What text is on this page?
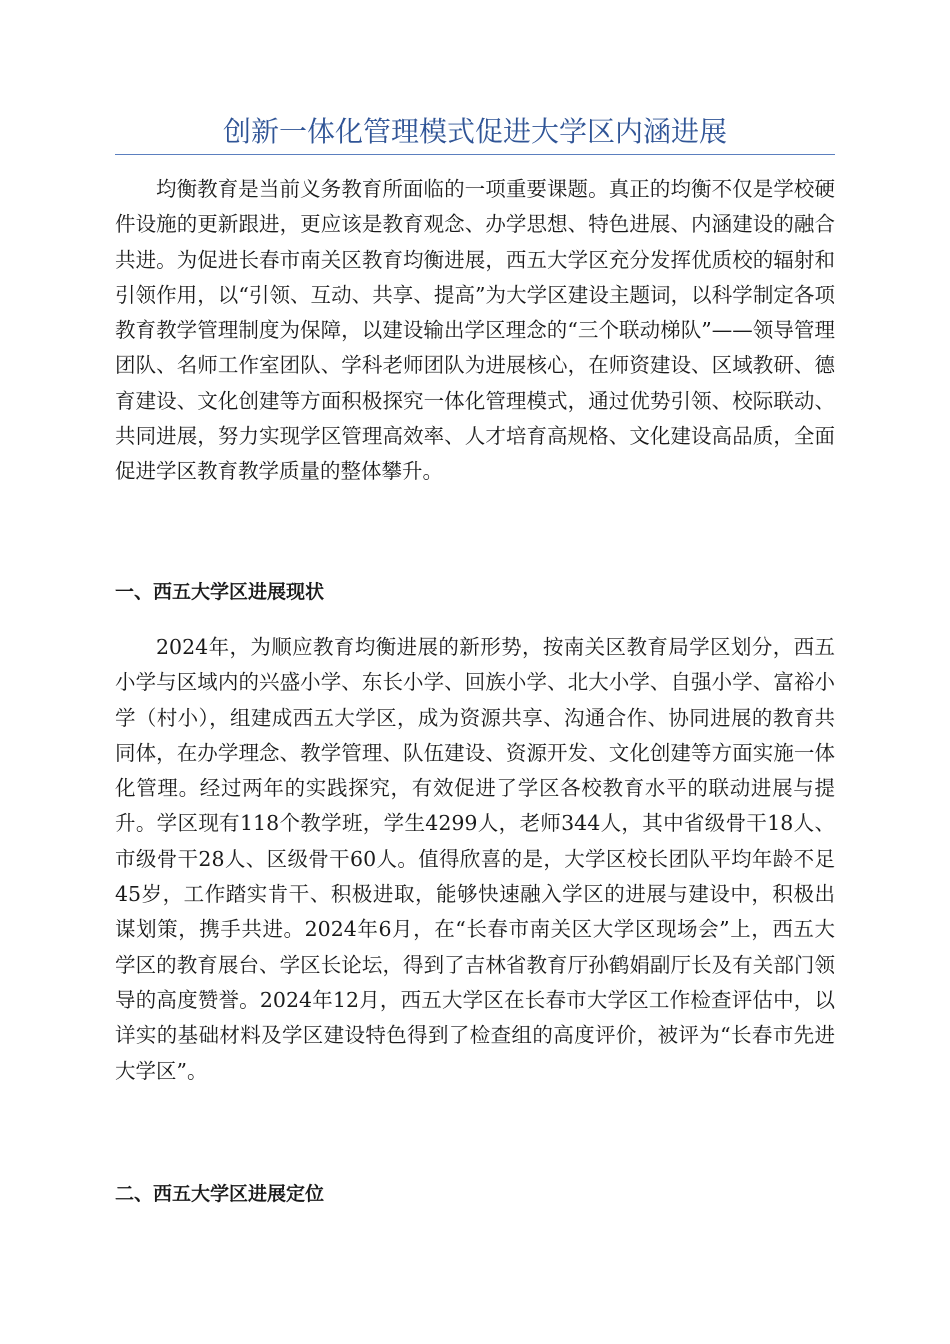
创新一体化管理模式促进大学区内涵进展

均衡教育是当前义务教育所面临的一项重要课题。真正的均衡不仅是学校硬件设施的更新跟进，更应该是教育观念、办学思想、特色进展、内涵建设的融合共进。为促进长春市南关区教育均衡进展，西五大学区充分发挥优质校的辐射和引领作用，以“引领、互动、共享、提高”为大学区建设主题词，以科学制定各项教育教学管理制度为保障，以建设输出学区理念的“三个联动梯队”——领导管理团队、名师工作室团队、学科老师团队为进展核心，在师资建设、区域教研、德育建设、文化创建等方面积极探究一体化管理模式，通过优势引领、校际联动、共同进展，努力实现学区管理高效率、人才培育高规格、文化建设高品质，全面促进学区教育教学质量的整体攀升。

一、西五大学区进展现状

2024年，为顺应教育均衡进展的新形势，按南关区教育局学区划分，西五小学与区域内的兴盛小学、东长小学、回族小学、北大小学、自强小学、富裕小学（村小），组建成西五大学区，成为资源共享、沟通合作、协同进展的教育共同体，在办学理念、教学管理、队伍建设、资源开发、文化创建等方面实施一体化管理。经过两年的实践探究，有效促进了学区各校教育水平的联动进展与提升。学区现有118个教学班，学生4299人，老师344人，其中省级骨干18人、市级骨干28人、区级骨干60人。值得欣喜的是，大学区校长团队平均年龄不足45岁，工作踏实肯干、积极进取，能够快速融入学区的进展与建设中，积极出谋划策，携手共进。2024年6月，在“长春市南关区大学区现场会”上，西五大学区的教育展台、学区长论坛，得到了吉林省教育厅孙鹤娟副厅长及有关部门领导的高度赞誉。2024年12月，西五大学区在长春市大学区工作检查评估中，以详实的基础材料及学区建设特色得到了检查组的高度评价，被评为“长春市先进大学区”。

二、西五大学区进展定位
